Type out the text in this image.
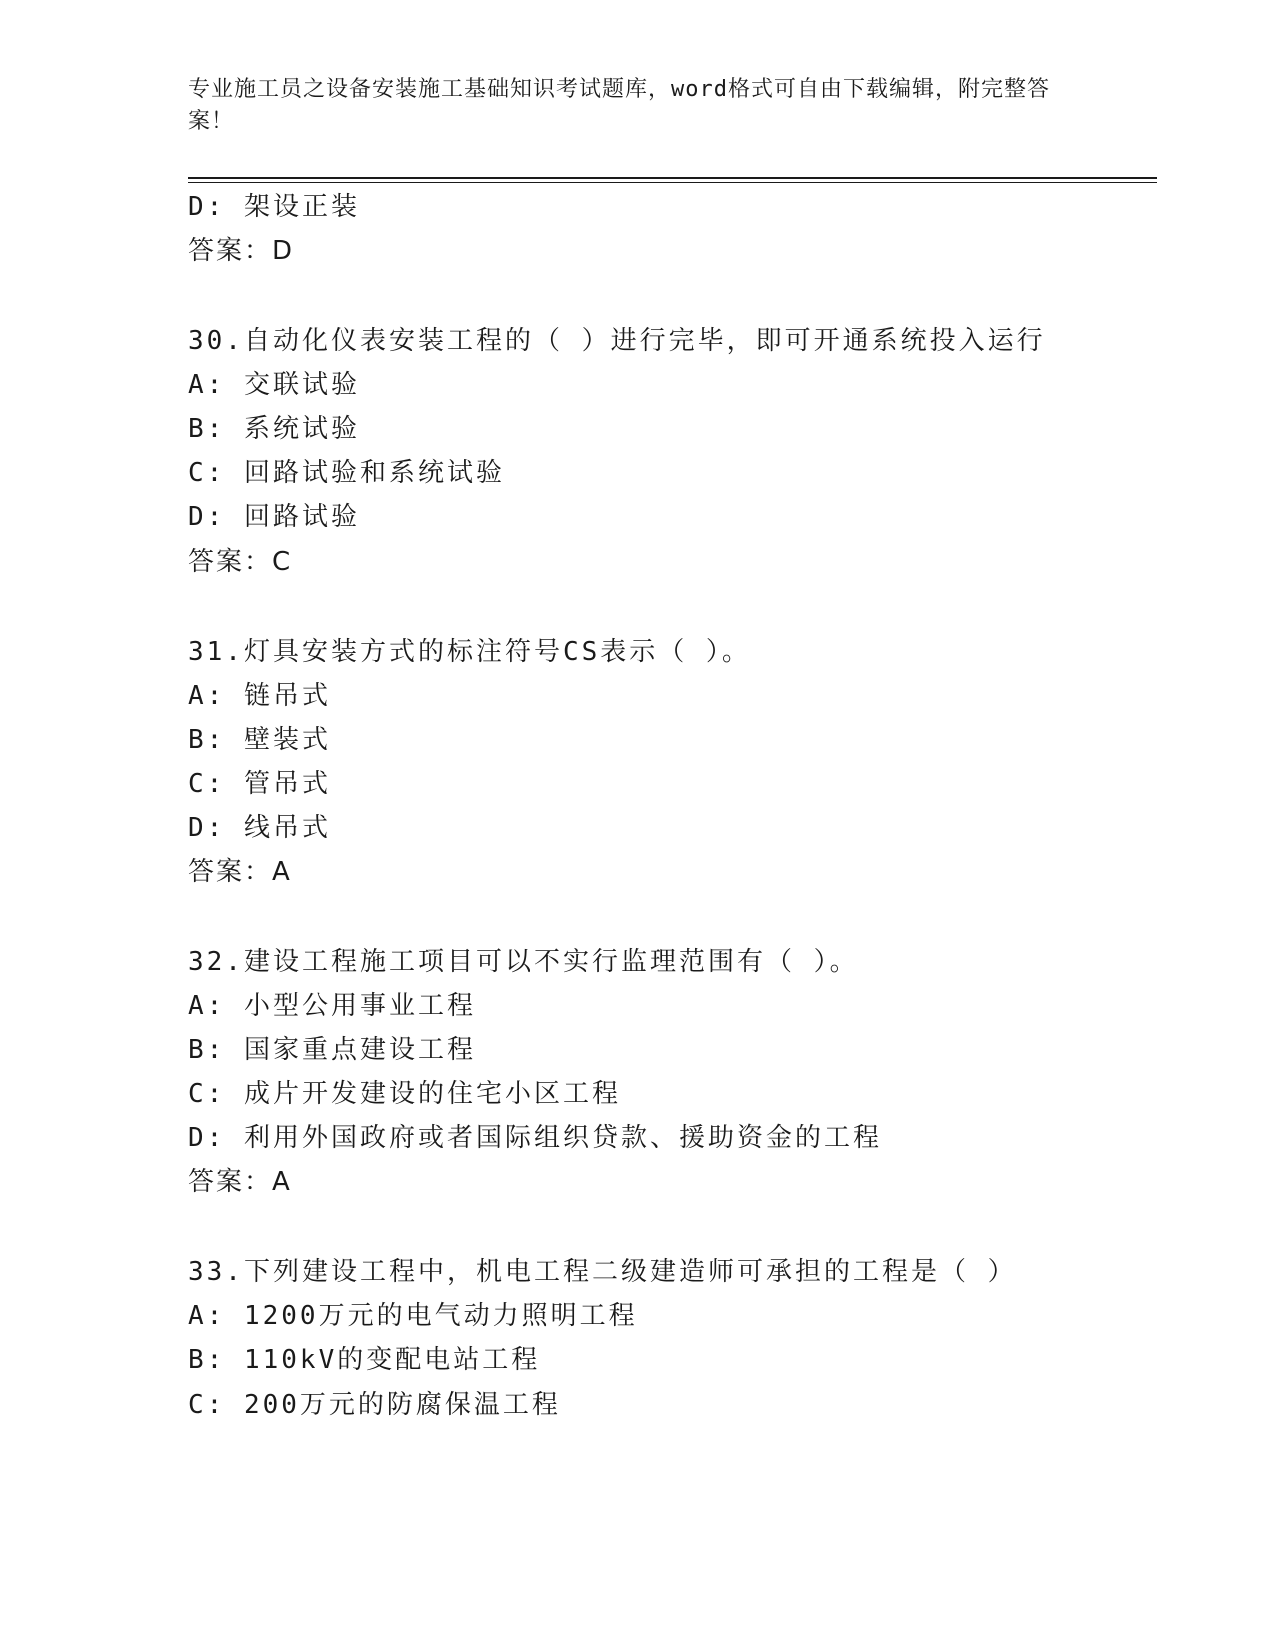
专业施工员之设备安装施工基础知识考试题库，word格式可自由下载编辑，附完整答案！
D: 架设正装
答案：D
30.自动化仪表安装工程的（ ）进行完毕，即可开通系统投入运行
A: 交联试验
B: 系统试验
C: 回路试验和系统试验
D: 回路试验
答案：C
31.灯具安装方式的标注符号CS表示（ ）。
A: 链吊式
B: 壁装式
C: 管吊式
D: 线吊式
答案：A
32.建设工程施工项目可以不实行监理范围有（ ）。
A: 小型公用事业工程
B: 国家重点建设工程
C: 成片开发建设的住宅小区工程
D: 利用外国政府或者国际组织贷款、援助资金的工程
答案：A
33.下列建设工程中，机电工程二级建造师可承担的工程是（ ）
A: 1200万元的电气动力照明工程
B: 110kV的变配电站工程
C: 200万元的防腐保温工程
